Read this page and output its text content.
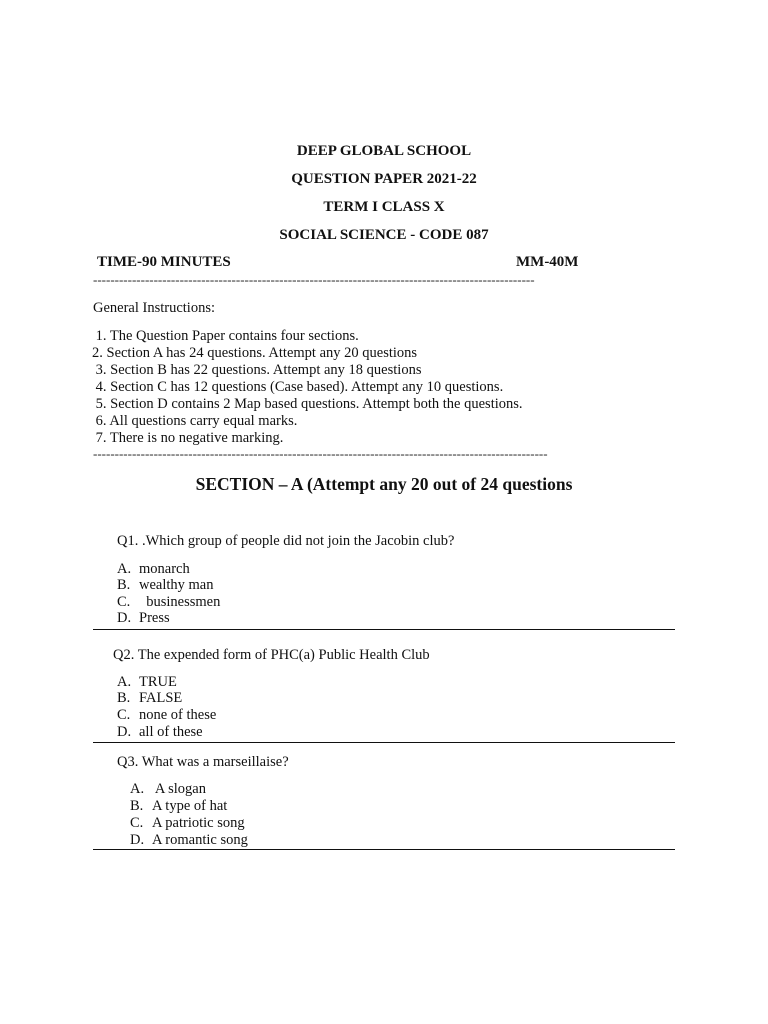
DEEP GLOBAL SCHOOL
QUESTION PAPER 2021-22
TERM I CLASS X
SOCIAL SCIENCE - CODE 087
TIME-90 MINUTES	MM-40M
------------------------------------------------------------------------------------------------------
General Instructions:
1. The Question Paper contains four sections.
2. Section A has 24 questions. Attempt any 20 questions
3. Section B has 22 questions. Attempt any 18 questions
4. Section C has 12 questions (Case based). Attempt any 10 questions.
5. Section D contains 2 Map based questions. Attempt both the questions.
6. All questions carry equal marks.
7. There is no negative marking.
---------------------------------------------------------------------------------------------------------
SECTION – A (Attempt any 20 out of 24 questions
Q1. .Which group of people did not join the Jacobin club?
A. monarch
B. wealthy man
C.  businessmen
D. Press
Q2. The expended form of PHC(a) Public Health Club
A. TRUE
B. FALSE
C. none of these
D. all of these
Q3. What was a marseillaise?
A. A slogan
B. A type of hat
C. A patriotic song
D. A romantic song
